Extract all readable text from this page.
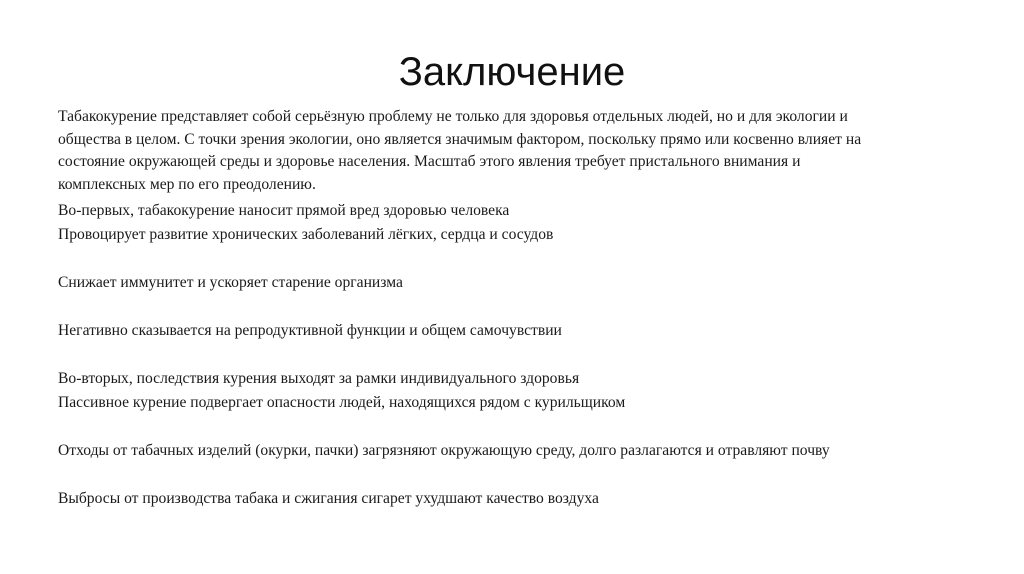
Заключение

Табакокурение представляет собой серьёзную проблему не только для здоровья отдельных людей, но и для экологии и
общества в целом. С точки зрения экологии, оно является значимым фактором, поскольку прямо или косвенно влияет на
состояние окружающей среды и здоровье населения. Масштаб этого явления требует пристального внимания и
комплексных мер по его преодолению.

Во-первых, табакокурение наносит прямой вред здоровью человека

Провоцирует развитие хронических заболеваний лёгких, сердца и сосудов

Снижает иммунитет и ускоряет старение организма

Негативно сказывается на репродуктивной функции и общем самочувствии

Во-вторых, последствия курения выходят за рамки индивидуального здоровья

Пассивное курение подвергает опасности людей, находящихся рядом с курильщиком

Отходы от табачных изделий (окурки, пачки) загрязняют окружающую среду, долго разлагаются и отравляют почву

Выбросы от производства табака и сжигания сигарет ухудшают качество воздуха
